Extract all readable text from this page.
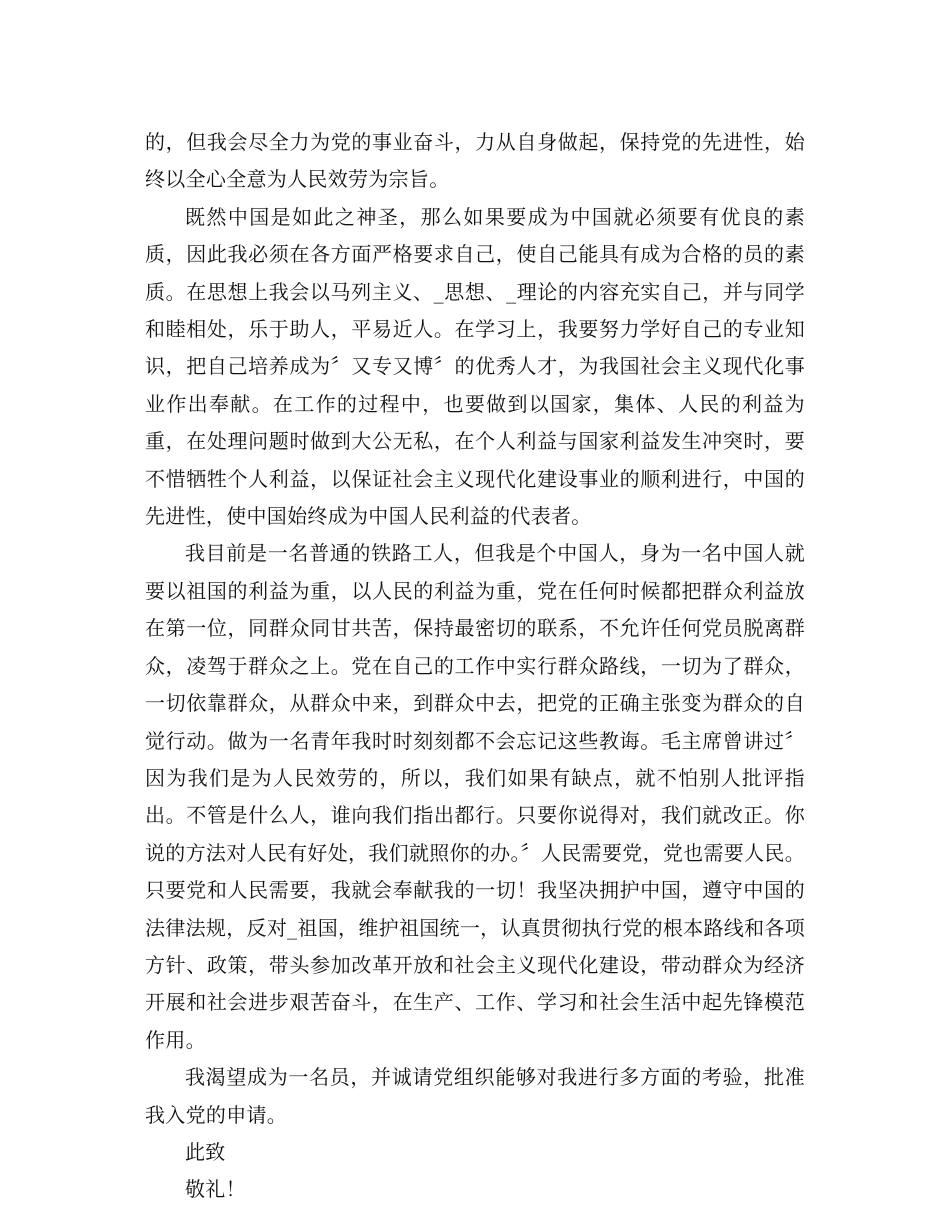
的，但我会尽全力为党的事业奋斗，力从自身做起，保持党的先进性，始终以全心全意为人民效劳为宗旨。

既然中国是如此之神圣，那么如果要成为中国就必须要有优良的素质，因此我必须在各方面严格要求自己，使自己能具有成为合格的员的素质。在思想上我会以马列主义、_思想、_理论的内容充实自己，并与同学和睦相处，乐于助人，平易近人。在学习上，我要努力学好自己的专业知识，把自己培养成为〞又专又博〞的优秀人才，为我国社会主义现代化事业作出奉献。在工作的过程中，也要做到以国家，集体、人民的利益为重，在处理问题时做到大公无私，在个人利益与国家利益发生冲突时，要不惜牺牲个人利益，以保证社会主义现代化建设事业的顺利进行，中国的先进性，使中国始终成为中国人民利益的代表者。

我目前是一名普通的铁路工人，但我是个中国人，身为一名中国人就要以祖国的利益为重，以人民的利益为重，党在任何时候都把群众利益放在第一位，同群众同甘共苦，保持最密切的联系，不允许任何党员脱离群众，凌驾于群众之上。党在自己的工作中实行群众路线，一切为了群众，一切依靠群众，从群众中来，到群众中去，把党的正确主张变为群众的自觉行动。做为一名青年我时时刻刻都不会忘记这些教诲。毛主席曾讲过〞因为我们是为人民效劳的，所以，我们如果有缺点，就不怕别人批评指出。不管是什么人，谁向我们指出都行。只要你说得对，我们就改正。你说的方法对人民有好处，我们就照你的办。〞人民需要党，党也需要人民。只要党和人民需要，我就会奉献我的一切！我坚决拥护中国，遵守中国的法律法规，反对_祖国，维护祖国统一，认真贯彻执行党的根本路线和各项方针、政策，带头参加改革开放和社会主义现代化建设，带动群众为经济开展和社会进步艰苦奋斗，在生产、工作、学习和社会生活中起先锋模范作用。

我渴望成为一名员，并诚请党组织能够对我进行多方面的考验，批准我入党的申请。

此致

敬礼！
